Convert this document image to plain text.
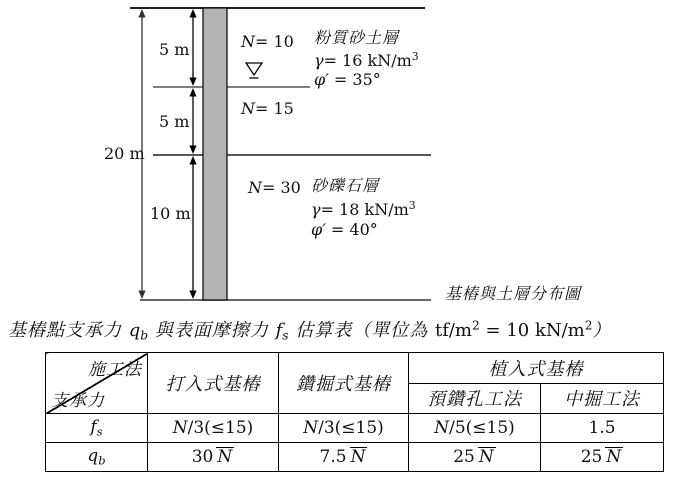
20 m
5 m
5 m
10 m
N= 10
N= 15
N= 30
粉質砂土層
γ= 16 $kN/m^3$
φ′ = 35°
砂礫石層
γ= 18 $kN/m^3$
φ′ = 40°
基樁與土層分布圖
基樁點支承力 $q_b$ 與表面摩擦力 $f_s$ 估算表（單位為 $tf/m^2 = 10$ $kN/m^2$）
施工法
支承力	打入式基樁	鑽掘式基樁	植入式基樁	
			預鑽孔工法	中掘工法
$f_s$	N/3(≤15)	N/3(≤15)	N/5(≤15)	1.5
$q_b$	30 N	7.5 N	25 N	25 N
